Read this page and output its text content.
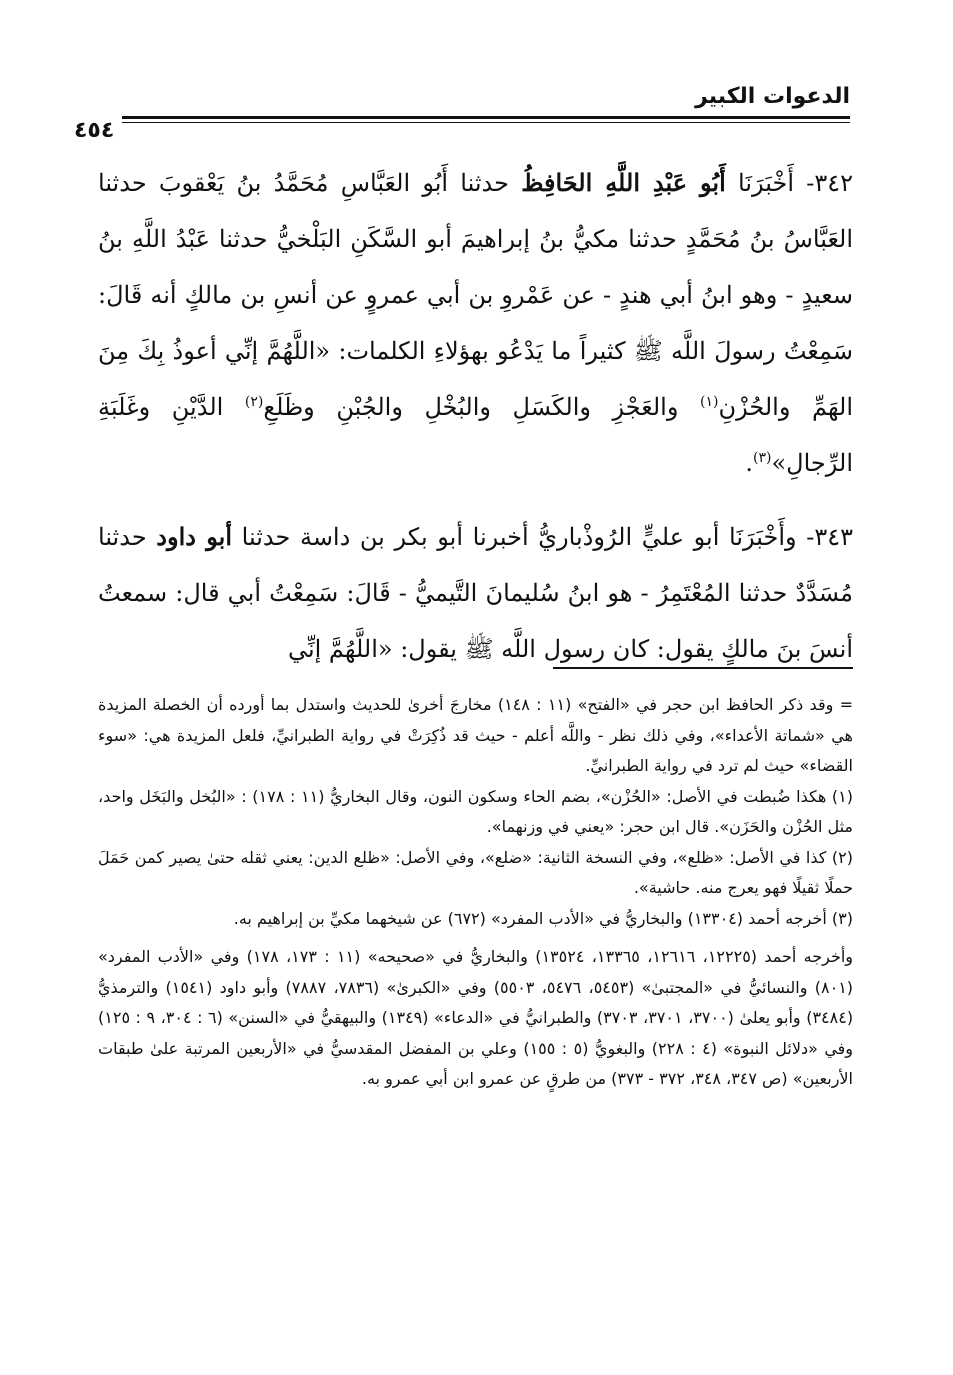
الدعوات الكبير
٤٥٤

٣٤٢- أَخْبَرَنَا أَبُو عَبْدِ اللَّهِ الحَافِظُ حدثنا أَبُو العَبَّاسِ مُحَمَّدُ بنُ يَعْقوبَ حدثنا العَبَّاسُ بنُ مُحَمَّدٍ حدثنا مكيُّ بنُ إبراهيمَ أبو السَّكَنِ البَلْخيُّ حدثنا عَبْدُ اللَّهِ بنُ سعيدٍ - وهو ابنُ أبي هندٍ - عن عَمْروِ بن أبي عمروٍ عن أنسِ بن مالكٍ أنه قَالَ: سَمِعْتُ رسولَ اللَّه ﷺ كثيراً ما يَدْعُو بهؤلاءِ الكلمات: «اللَّهُمَّ إنِّي أعوذُ بِكَ مِنَ الهَمِّ والحُزْنِ$^{(١)}$ والعَجْزِ والكَسَلِ والبُخْلِ والجُبْنِ وظَلَعِ$^{(٢)}$ الدَّيْنِ وغَلَبَةِ الرِّجالِ»$^{(٣)}$.

٣٤٣- وأَخْبَرَنَا أبو عليٍّ الرُوذْباريُّ أخبرنا أبو بكر بن داسة حدثنا أبو داود حدثنا مُسَدَّدٌ حدثنا المُعْتَمِرُ - هو ابنُ سُليمانَ التَّيميُّ - قَالَ: سَمِعْتُ أبي قال: سمعتُ أنسَ بنَ مالكٍ يقول: كان رسول اللَّه ﷺ يقول: «اللَّهُمَّ إنِّي

= وقد ذكر الحافظ ابن حجر في «الفتح» (١١ : ١٤٨) مخارجَ أخرىٰ للحديث واستدل بما أورده أن الخصلة المزيدة هي «شماتة الأعداء»، وفي ذلك نظر - واللَّه أعلم - حيث قد ذُكِرَتْ في رواية الطبرانيِّ، فلعل المزيدة هي: «سوء القضاء» حيث لم ترد في رواية الطبرانيِّ.

(١) هكذا ضُبطت في الأصل: «الحُزْن»، بضم الحاء وسكون النون، وقال البخاريُّ (١١ : ١٧٨) : «البُخل والبَخَل واحد، مثل الحُزْن والحَزَن». قال ابن حجر: «يعني في وزنهما».

(٢) كذا في الأصل: «ظلع»، وفي النسخة الثانية: «ضلع»، وفي الأصل: «ظلع الدين: يعني ثقله حتىٰ يصير كمن حَمَلَ حملًا ثقيلًا فهو يعرج منه. حاشية».

(٣) أخرجه أحمد (١٣٣٠٤) والبخاريُّ في «الأدب المفرد» (٦٧٢) عن شيخهما مكيِّ بن إبراهيم به.

وأخرجه أحمد (١٢٢٢٥، ١٢٦١٦، ١٣٣٦٥، ١٣٥٢٤) والبخاريُّ في «صحيحه» (١١ : ١٧٣، ١٧٨) وفي «الأدب المفرد» (٨٠١) والنسائيُّ في «المجتبىٰ» (٥٤٥٣، ٥٤٧٦، ٥٥٠٣) وفي «الكبرىٰ» (٧٨٣٦، ٧٨٨٧) وأبو داود (١٥٤١) والترمذيُّ (٣٤٨٤) وأبو يعلىٰ (٣٧٠٠، ٣٧٠١، ٣٧٠٣) والطبرانيُّ في «الدعاء» (١٣٤٩) والبيهقيُّ في «السنن» (٦ : ٣٠٤، ٩ : ١٢٥) وفي «دلائل النبوة» (٤ : ٢٢٨) والبغويُّ (٥ : ١٥٥) وعلي بن المفضل المقدسيُّ في «الأربعين المرتبة علىٰ طبقات الأربعين» (ص ٣٤٧، ٣٤٨، ٣٧٢ - ٣٧٣) من طرقٍ عن عمرو ابن أبي عمرو به.
